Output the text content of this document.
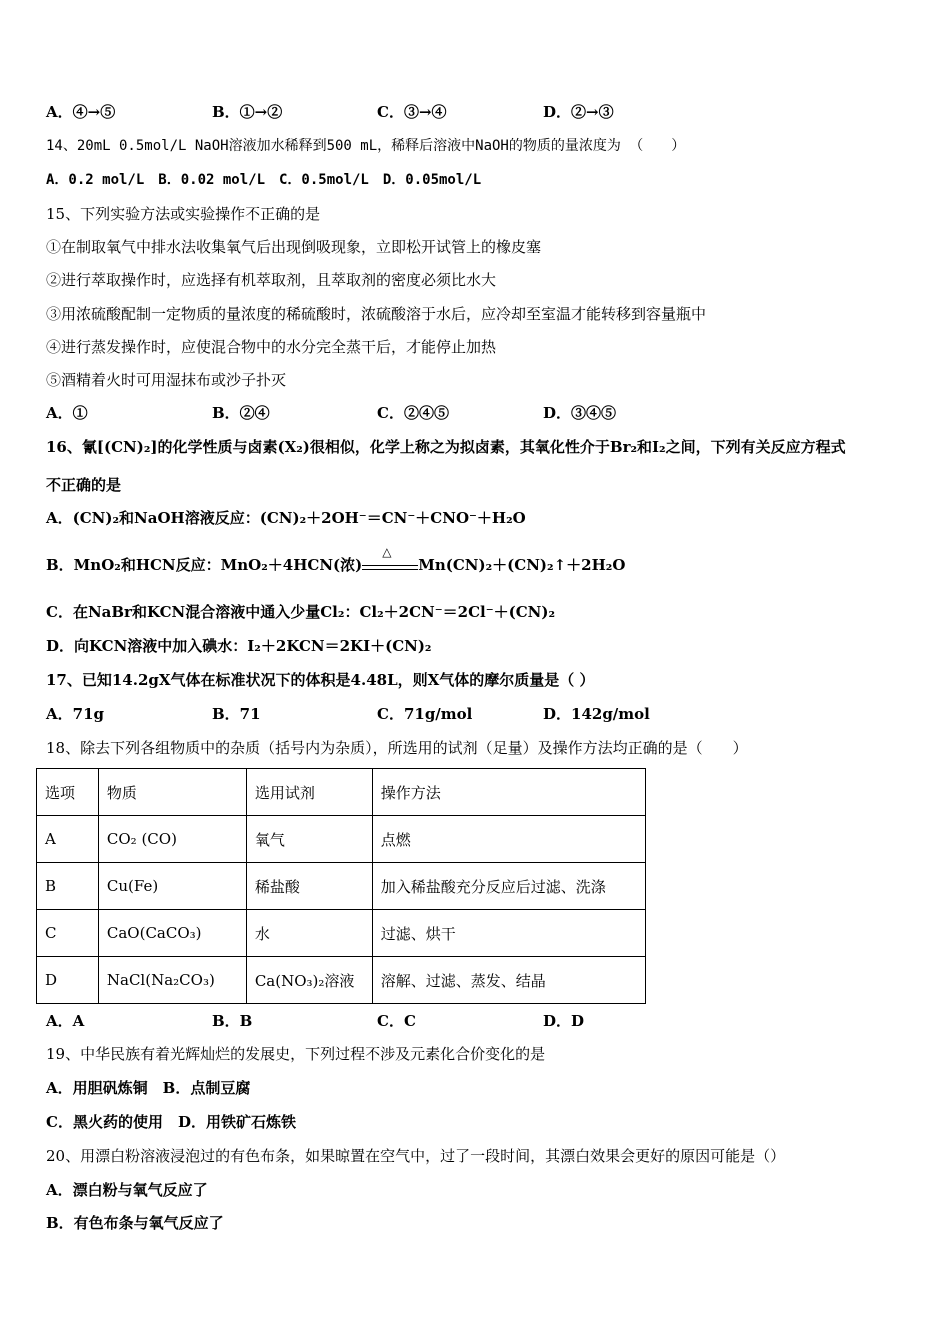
A．④→⑤	B．①→②	C．③→④	D．②→③
14、20mL 0.5mol/L NaOH溶液加水稀释到500 mL，稀释后溶液中NaOH的物质的量浓度为 （　　）
A．0.2 mol/L　B．0.02 mol/L　C．0.5mol/L　D．0.05mol/L
15、下列实验方法或实验操作不正确的是
①在制取氧气中排水法收集氧气后出现倒吸现象，立即松开试管上的橡皮塞
②进行萃取操作时，应选择有机萃取剂，且萃取剂的密度必须比水大
③用浓硫酸配制一定物质的量浓度的稀硫酸时，浓硫酸溶于水后，应冷却至室温才能转移到容量瓶中
④进行蒸发操作时，应使混合物中的水分完全蒸干后，才能停止加热
⑤酒精着火时可用湿抹布或沙子扑灭
A．①	B．②④	C．②④⑤	D．③④⑤
16、氰[(CN)₂]的化学性质与卤素(X₂)很相似，化学上称之为拟卤素，其氧化性介于Br₂和I₂之间，下列有关反应方程式
不正确的是
A．(CN)₂和NaOH溶液反应：(CN)₂＋2OH⁻＝CN⁻＋CNO⁻＋H₂O
B．MnO₂和HCN反应：MnO₂＋4HCN(浓)
△
Mn(CN)₂＋(CN)₂↑＋2H₂O
C．在NaBr和KCN混合溶液中通入少量Cl₂：Cl₂＋2CN⁻＝2Cl⁻＋(CN)₂
D．向KCN溶液中加入碘水：I₂＋2KCN＝2KI＋(CN)₂
17、已知14.2gX气体在标准状况下的体积是4.48L，则X气体的摩尔质量是（ ）
A．71g	B．71	C．71g/mol	D．142g/mol
18、除去下列各组物质中的杂质（括号内为杂质），所选用的试剂（足量）及操作方法均正确的是（　　）
选项	物质	选用试剂	操作方法
A	CO₂ (CO)	氧气	点燃
B	Cu(Fe)	稀盐酸	加入稀盐酸充分反应后过滤、洗涤
C	CaO(CaCO₃)	水	过滤、烘干
D	NaCl(Na₂CO₃)	Ca(NO₃)₂溶液	溶解、过滤、蒸发、结晶
A．A	B．B	C．C	D．D
19、中华民族有着光辉灿烂的发展史，下列过程不涉及元素化合价变化的是
A．用胆矾炼铜　B．点制豆腐
C．黑火药的使用　D．用铁矿石炼铁
20、用漂白粉溶液浸泡过的有色布条，如果晾置在空气中，过了一段时间，其漂白效果会更好的原因可能是（）
A．漂白粉与氧气反应了
B．有色布条与氧气反应了
